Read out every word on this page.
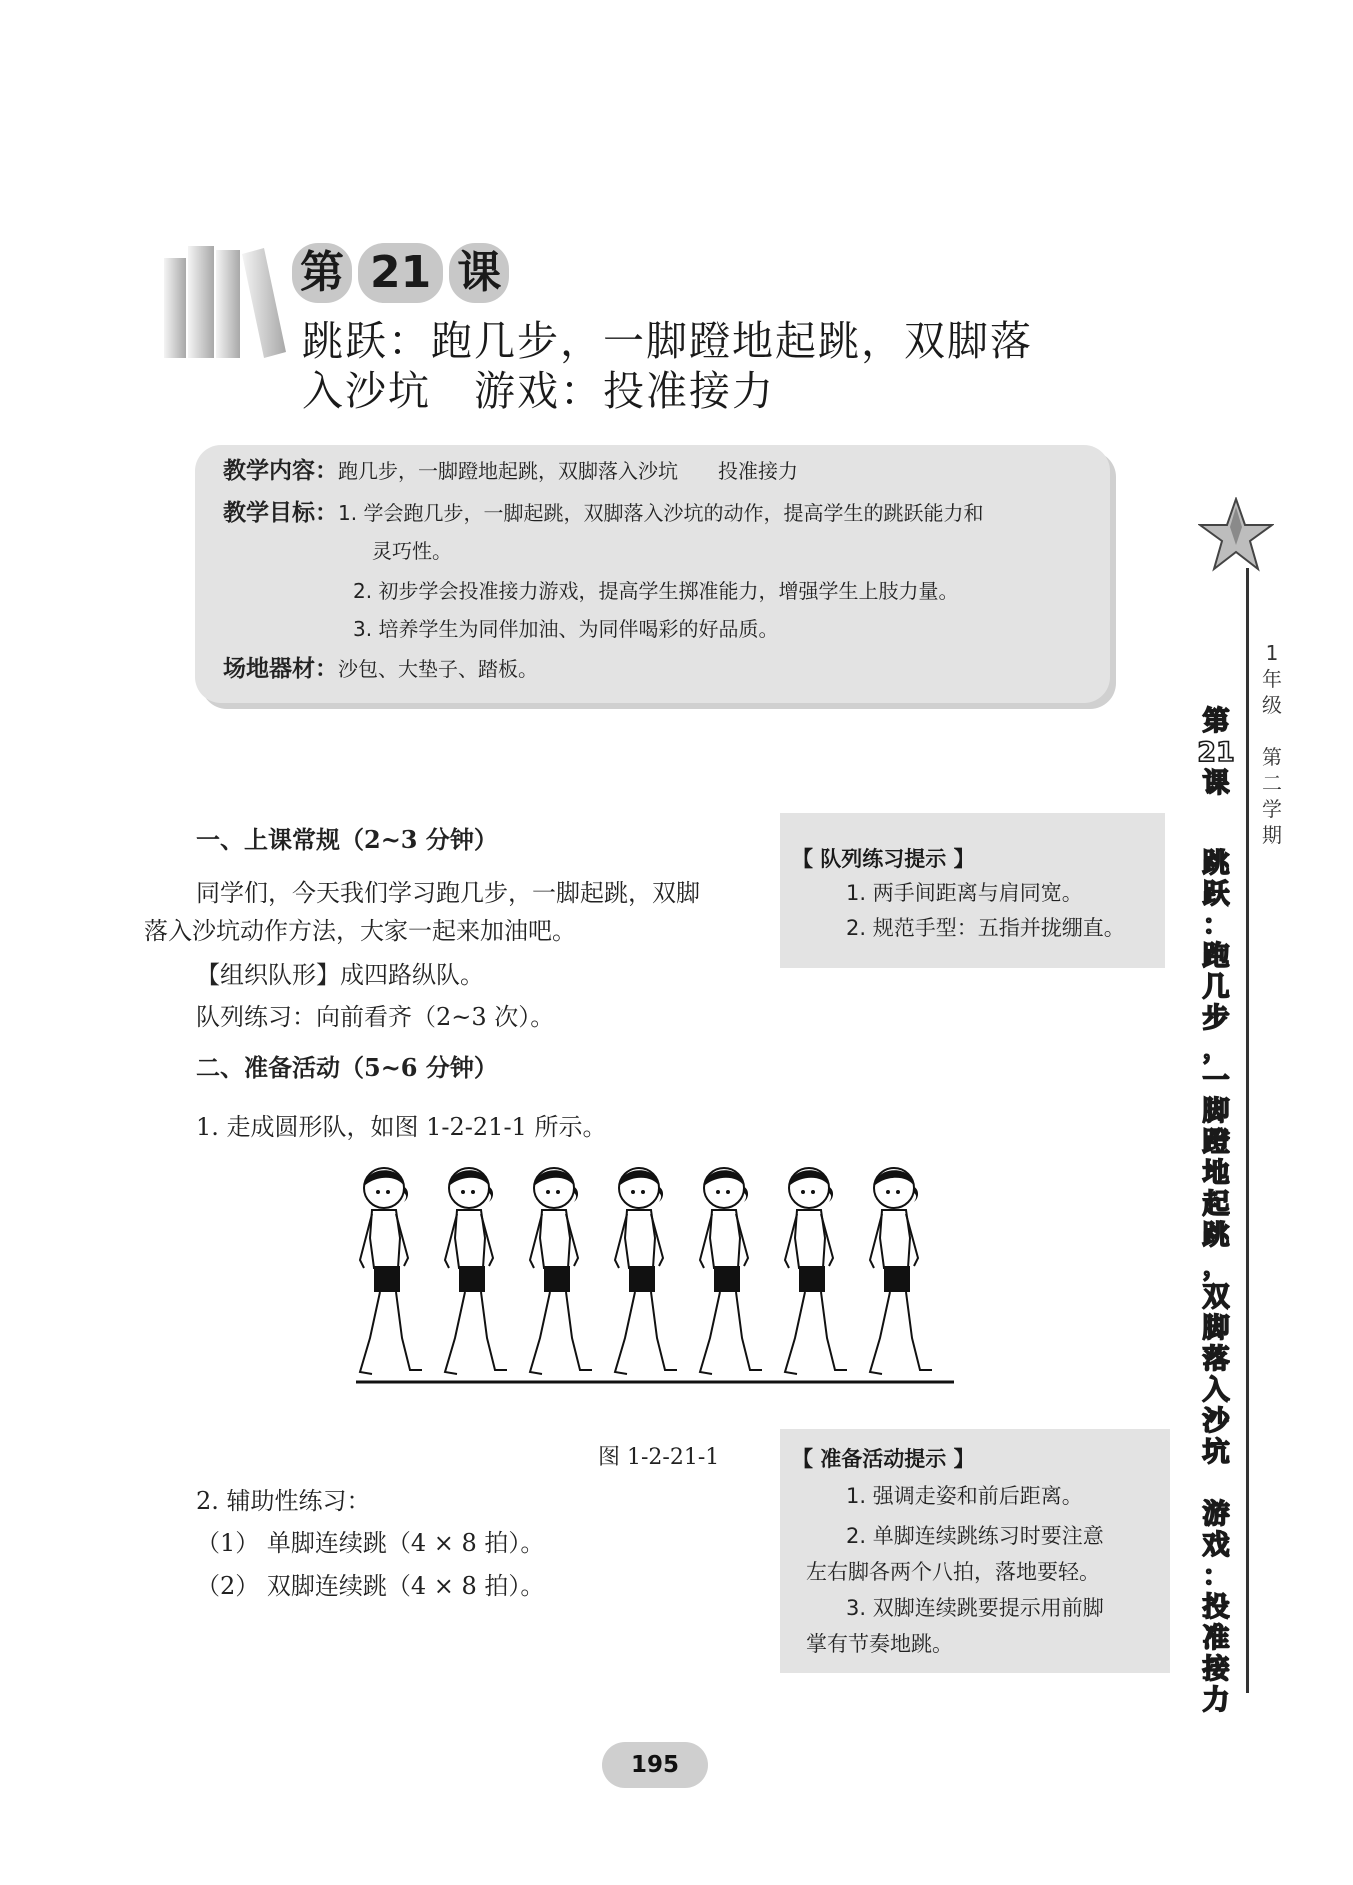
第 21 课
跳跃：跑几步，一脚蹬地起跳，双脚落
入沙坑　游戏：投准接力
教学内容：跑几步，一脚蹬地起跳，双脚落入沙坑　　投准接力
教学目标：1. 学会跑几步，一脚起跳，双脚落入沙坑的动作，提高学生的跳跃能力和
灵巧性。
2. 初步学会投准接力游戏，提高学生掷准能力，增强学生上肢力量。
3. 培养学生为同伴加油、为同伴喝彩的好品质。
场地器材：沙包、大垫子、踏板。
1
年
级

第
二
学
期
第
21
课
跳
跃
：
跑
几
步
，
一
脚
蹬
地
起
跳
，
双
脚
落
入
沙
坑

游
戏
：
投
准
接
力
一、上课常规（2~3 分钟）
同学们，今天我们学习跑几步，一脚起跳，双脚
落入沙坑动作方法，大家一起来加油吧。
【组织队形】成四路纵队。
队列练习：向前看齐（2~3 次）。
二、准备活动（5~6 分钟）
1. 走成圆形队，如图 1-2-21-1 所示。
图 1-2-21-1
2. 辅助性练习：
（1） 单脚连续跳（4 × 8 拍）。
（2） 双脚连续跳（4 × 8 拍）。
【 队列练习提示 】
1. 两手间距离与肩同宽。
2. 规范手型：五指并拢绷直。
【 准备活动提示 】
1. 强调走姿和前后距离。
2. 单脚连续跳练习时要注意
左右脚各两个八拍，落地要轻。
3. 双脚连续跳要提示用前脚
掌有节奏地跳。
195
